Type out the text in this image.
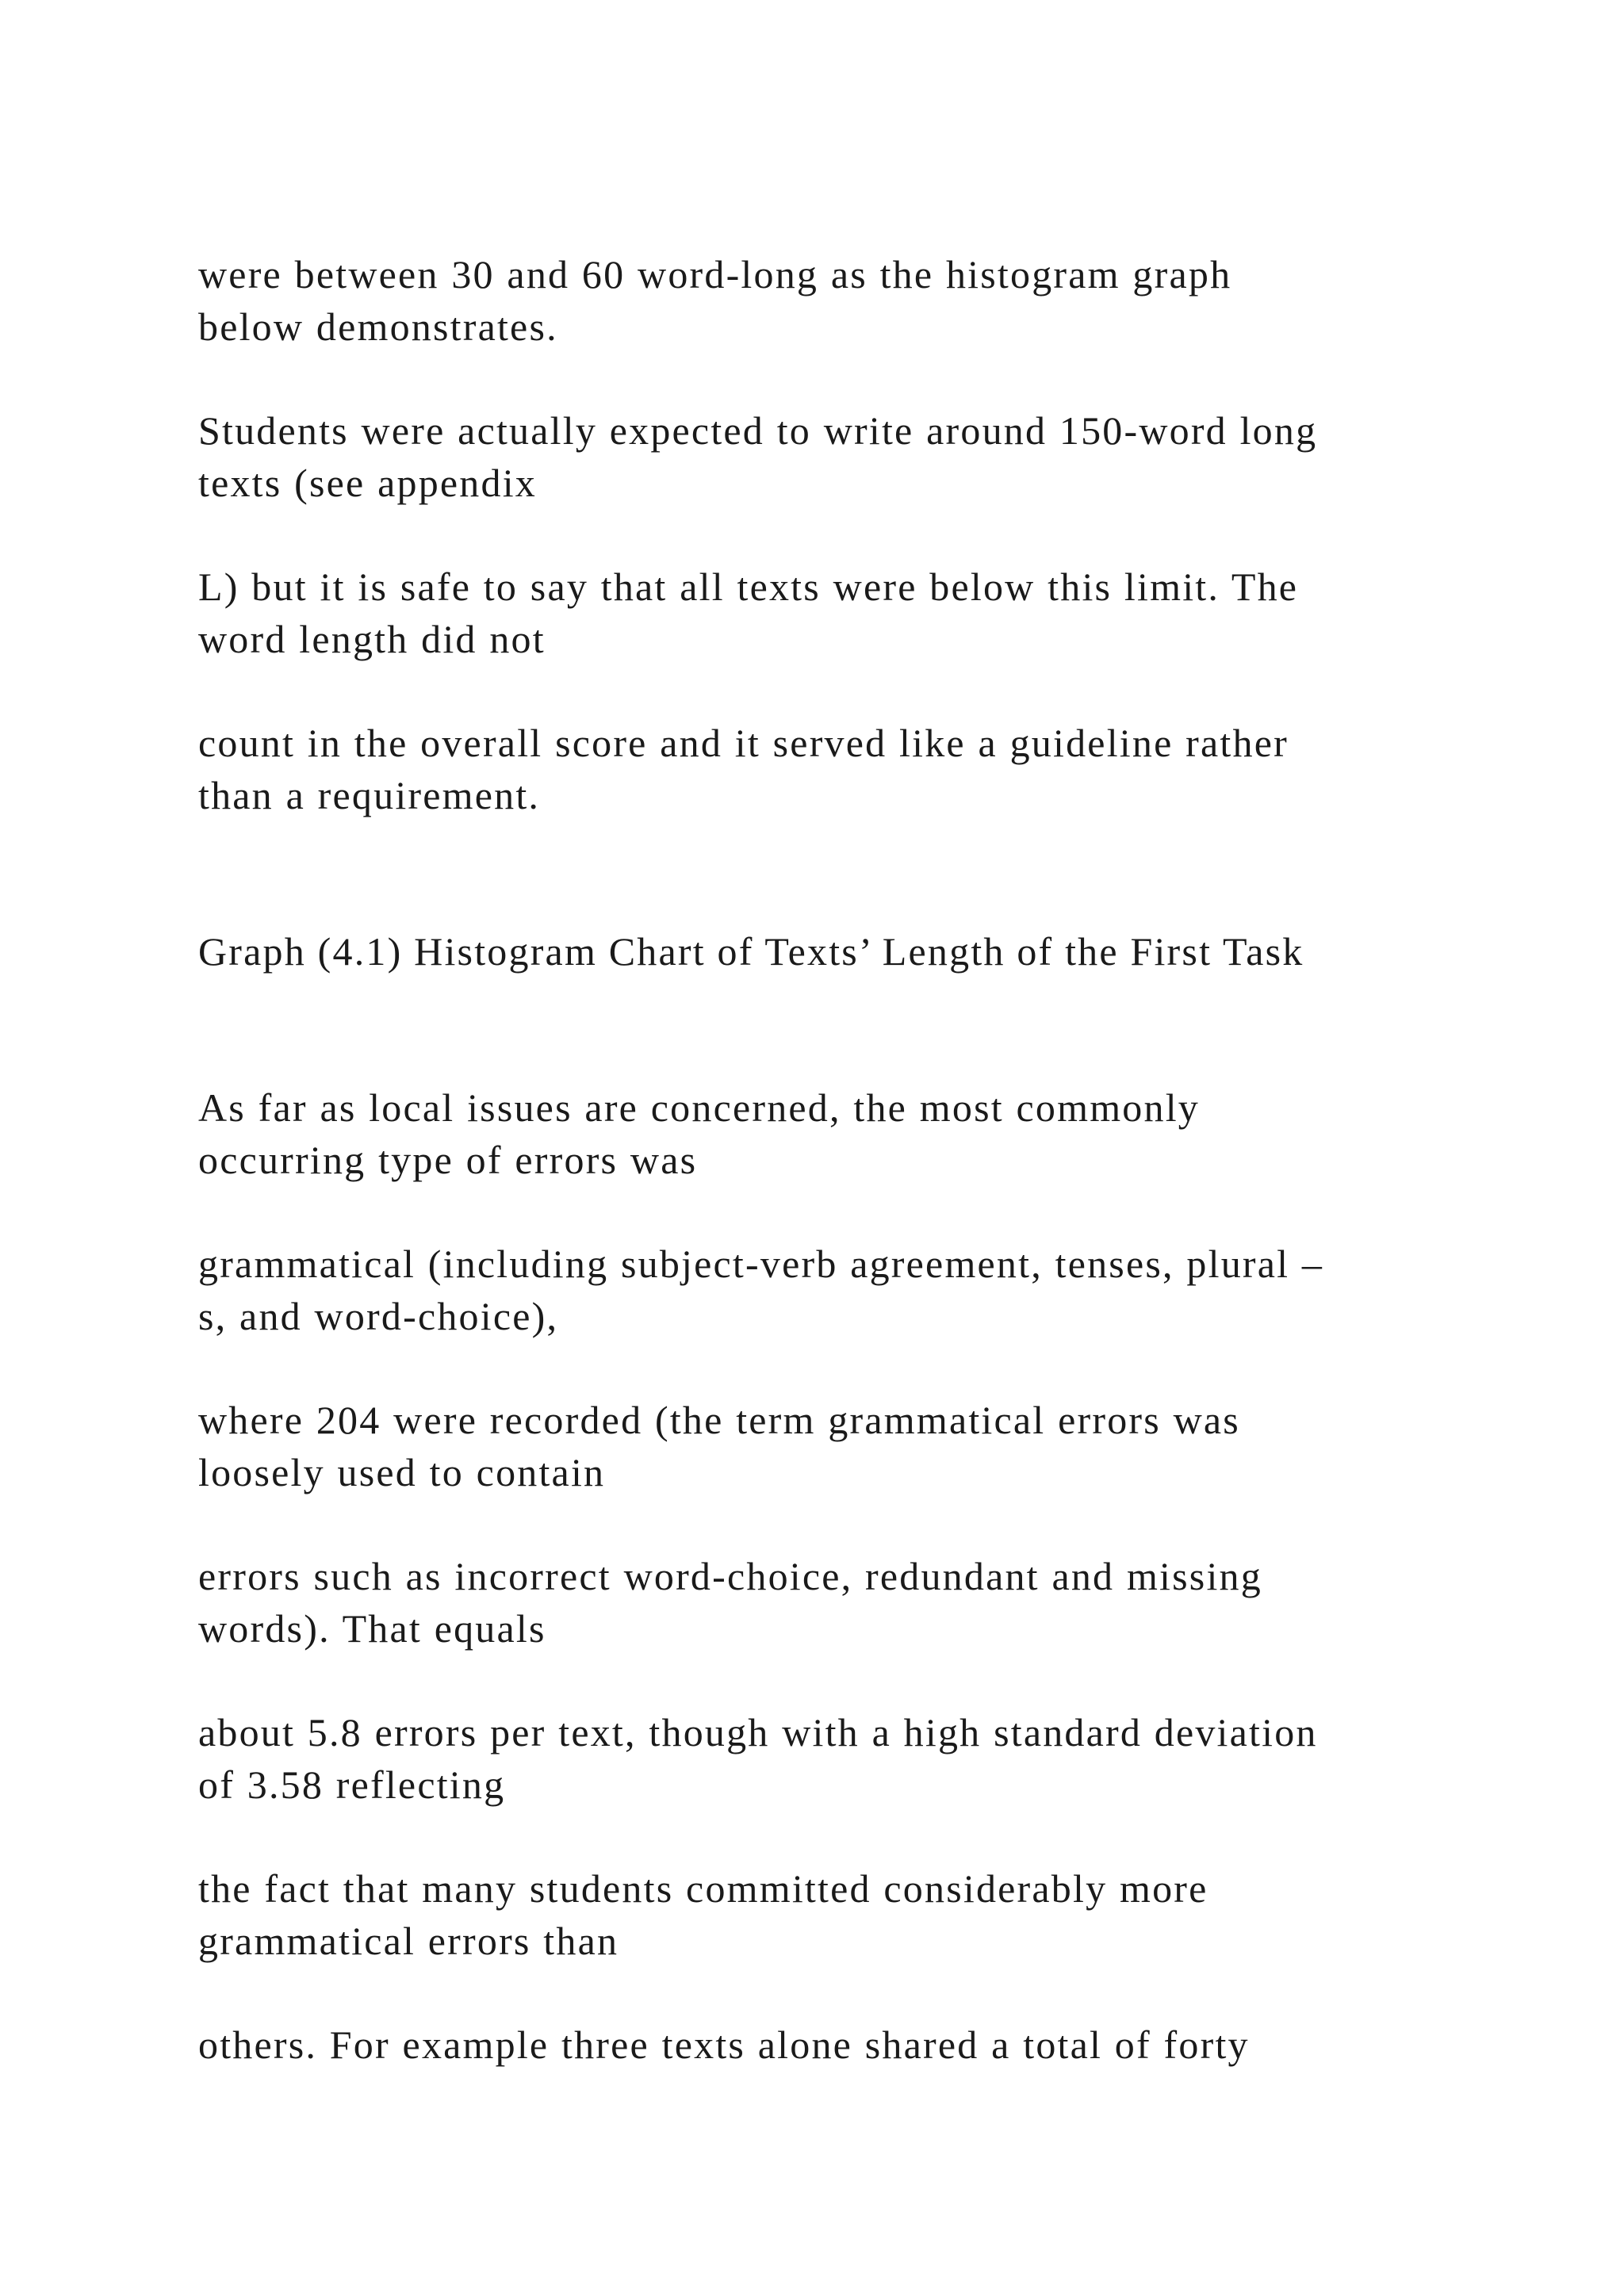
were between 30 and 60 word-long as the histogram graph
below demonstrates.

Students were actually expected to write around 150-word long
texts (see appendix

L) but it is safe to say that all texts were below this limit. The
word length did not

count in the overall score and it served like a guideline rather
than a requirement.

Graph (4.1) Histogram Chart of Texts’ Length of the First Task

As far as local issues are concerned, the most commonly
occurring type of errors was

grammatical (including subject-verb agreement, tenses, plural –
s, and word-choice),

where 204 were recorded (the term grammatical errors was
loosely used to contain

errors such as incorrect word-choice, redundant and missing
words). That equals

about 5.8 errors per text, though with a high standard deviation
of 3.58 reflecting

the fact that many students committed considerably more
grammatical errors than

others. For example three texts alone shared a total of forty
